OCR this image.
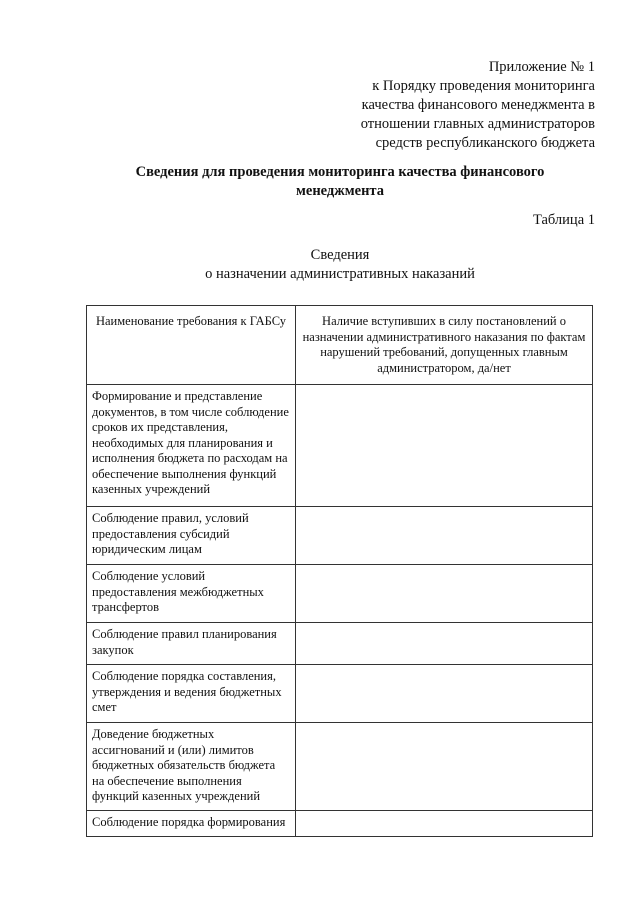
Приложение № 1
к Порядку проведения мониторинга
качества финансового менеджмента в
отношении главных администраторов
средств республиканского бюджета
Сведения для проведения мониторинга качества финансового менеджмента
Таблица 1
Сведения
о назначении административных наказаний
Наименование требования к ГАБСу	Наличие вступивших в силу постановлений о назначении административного наказания по фактам нарушений требований, допущенных главным администратором, да/нет
Формирование и представление документов, в том числе соблюдение сроков их представления, необходимых для планирования и исполнения бюджета по расходам на обеспечение выполнения функций казенных учреждений	
Соблюдение правил, условий предоставления субсидий юридическим лицам	
Соблюдение условий предоставления межбюджетных трансфертов	
Соблюдение правил планирования закупок	
Соблюдение порядка составления, утверждения и ведения бюджетных смет	
Доведение бюджетных ассигнований и (или) лимитов бюджетных обязательств бюджета на обеспечение выполнения функций казенных учреждений	
Соблюдение порядка формирования	
